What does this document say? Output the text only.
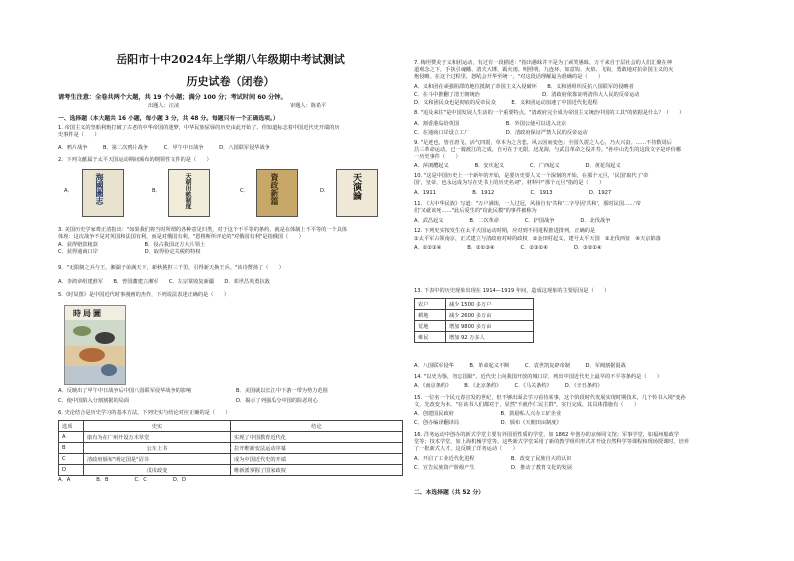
岳阳市十中2024年上学期八年级期中考试测试
历史试卷（闭卷）
请考生注意：全卷共两个大题，共 19 个小题；满分 100 分；考试时间 60 分钟。
出题人：汪凌	审题人：陈希平
一、选择题（本大题共 16 小题，每小题 3 分，共 48 分。每题只有一个正确选项。）
1. 帝国主义的坚船利炮打破了古老的中华帝国的迷梦，中华民族屈辱的历史由此开始了。你知道标志着中国近代史开端的历
史事件是（　　）
A．鸦片战争　　　B．第二次鸦片战争　　　C．甲午中日战争　　　D．八国联军侵华战争
2．下列文献属于太平天国运动期间颁布的纲领性文件的是（　　）
A．	海國圖志	B．	天朝田畝制度	C．	資政新篇	D． 天演論
3. 美国历史学家费正清指出："如果我们将当时所谓的各种意见归类，对于这个不平等的条约，就是在体制上不平等的一个具体
体现：这次战争不是对英国和法国有利，而是对俄国有利。"恩格斯所评论的"对俄国有利"是指俄国（　　）
A．获得赔款租款　　　　　　　　　B．侵占我国北方大片领土
C．获得通商口岸　　　　　　　　　D．取得协定关税的特权
9．"无限制之兵与王，湘湖子弟满天下，新秋挑担三千里，引得新天换王兵。"该诗赞扬了（　　）
A．李鸿章组建淮军　　B．曾国藩建立湘军　　C．左宗棠收复新疆　　D．邓世昌英勇抗敌
5.《时局图》是中国近代时事漫画的杰作，下列说法表述正确的是（　　）
時局圖
A．反映出了甲午中日战争后中国八国联军侵华战争的影响	B．美国就以长江中下游一带为势力范围
C．使中国陷入分割割据的局面	D．揭示了列强瓜分中国的险恶用心
6. 史论结合是历史学习的基本方法。下列史实与结论对应正确的是（　　）
选项	史实	结论
A	康有为在广州开设万木草堂	实现了中国教育近代化
B	公车上书	拉开维新变法运动序幕
C	清政府颁布"明定国是"诏书	成为中国近代史的开端
D	戊戌政变	维新派掌握了国家政权
A．A　　　　　B．B　　　　　C．C　　　　　D．D
7. 梅坦赞美于义和团运动，有过有一段描述："指出愚昧并不是为了顽笑愚昧，万千来自于层社会的人们汇聚在神
道观念之下，手执引魂幡、清夫大锤、霸火雨、明照明、九连环、如意钩、火焰、飞钩，勇敢地对抗帝国主义的火
炮侵略。在这个过程里，怒吼会升华至统一。"对这段话理解最为准确的是（　　）
A．义和团在顽强阻滞的地位抵制了帝国主义入侵破坏　　B．义和团组织反抗八国联军的侵略者
C．在斗中推翻了清王朝统治　　　　　　　　　　　　D．清政府依靠证明清伟大人民的反帝运动
D．义和团民众也是彻底的反帝民众　　　E．义和团运动加速了中国近代化进程
8. "追及来往"是中国发展人生活的一个重要特点。"清政府完全成为帝国主义统治中国的工具"的依据是什么？（　　）
A．割香港岛给英国　　　　　　　　　B．外国公使可以进入北京
C．在通商口岸设立工厂　　　　　　　D．清政府保证严禁人民的反帝运动
9. "足迹也，皆自唐飞，活气四震，草本为之含悲，风云因而变色；全国久震之人心，乃大兴奋。……不待数周后
昌三革命运动，已一骑渡江的之成，自可在于无限，迅龙海，与武昌革命之役并寿。"孙中山先生的这段文字是评价哪
一历史事件（　　）
A．萍浏醴起义　　　　　B．安庆起义　　　　　C．广西起义　　　　　D．黄花岗起义
10. "这是中国历史上一个新年的开始，是要历史要人又一个深刻的开始，在那个元旦，'民国'取代了'帝
国'，皇帝，也永远成为写在史书上的历史名词"，材料中"那个元旦"指的是（　　）
A．1911　　　　　　　B．1912　　　　　　　C．1913　　　　　　　D．1927
11. 《大中华民族》写道："万户满街，一人过冠，风扬自有'共和'二字导因'共和'，那时民国……'帝
们'又就该死……"此后爱生的"窃此民模"的事件被称为
A．武昌起义　　　　　B．二次革命　　　　　C．护国战争　　　　　D．北伐战争
12. 下列史实按发生在太平天国运动时期，应对到不同进程推进排列，正确的是
①太平军占领南京，正式建立与清政府对峙的政权　②金田村起义，建号太平天国　③北伐西征　④天京陷落
A．①②③④　　　　　B．②①③④　　　　　C．②③①④　　　　　D．③②①④
13. 下表中的历史现象出现在 1914—1919 年间，造成这现象的主要原因是（　　）
农户	减少 1500 多万户
耕地	减少 2600 多万亩
荒地	增加 9800 多万亩
难民	增加 92 万多人
A．八国联军侵华　　　B．革命起义不断　　　C．袁世凯复辟帝制　　　D．军阀割据混战
14. "以史为鉴，勿忘国耻"。近代史上向我国开放的城口岸，列出中国近代史上最早的不平等条约是（　　）
A．《南京条约》　　　B．《北京条约》　　　C．《马关条约》　　　D．《辛丑条约》
15. 一位名一个民元春宣发的世纪，但不够出面去学习看待某事，这个阶段时代发展实现时期技术，几个传书入境"变孙
文，先改变为本。"在该书人们都对于，显然"不就作仁民主群"，实行完成，其具体措施有（　　）
A．创建国民政府　　　　　　　　　B．鼓励私人兴办工矿企业
C．创办编译翻译局　　　　　　　　D．颁布《天朝田亩制度》
16. 洋务运动中创办的新式学堂主要有外国语性质的学堂，如 1862 年创办的京师同文馆；军事学堂，如福州船政学
堂等；技术学堂，如上海机械学堂等。这些新式学堂采用了新的教学组织形式并开设自然科学等课程和现场授课时，培养
了一批新式人才。这反映了洋务运动（　　）
A．开启了工业近代化进程　　　　　　　B．改变了民族自大的认识
C．宣告民族资产阶级产生　　　　　　　D．推动了教育文化的发展
二、本选择题（共 52 分）
